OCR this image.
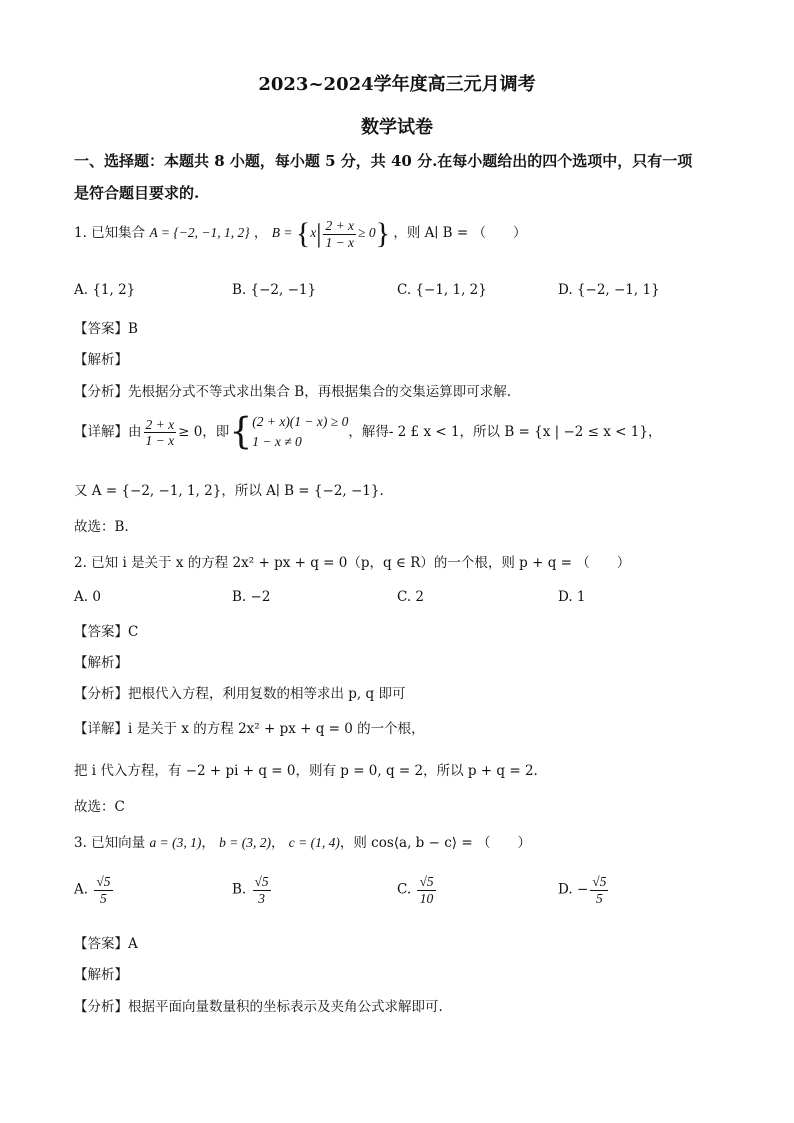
2023~2024学年度高三元月调考
数学试卷
一、选择题：本题共 8 小题，每小题 5 分，共 40 分.在每小题给出的四个选项中，只有一项
是符合题目要求的.
1. 已知集合 A = {−2, −1, 1, 2} ， $B = \{x| \frac{2 + x}{1 - x} \ge 0\}$ ，则 A∣ B = （　　）
A. {1, 2}	B. {−2, −1}	C. {−1, 1, 2}	D. {−2, −1, 1}
【答案】B
【解析】
【分析】先根据分式不等式求出集合 B，再根据集合的交集运算即可求解.
【详解】由 $\frac{2 + x}{1 - x} \ge 0$，即{ (2 + x)(1 − x) ≥ 0
1 − x ≠ 0
，解得- 2 £ x < 1，所以 B = {x | −2 ≤ x < 1}，
又 A = {−2, −1, 1, 2}，所以 A∣ B = {−2, −1}.
故选：B.
2. 已知 i 是关于 x 的方程 2x² + px + q = 0（p，q ∈ R）的一个根，则 p + q = （　　）
A. 0	B. −2	C. 2	D. 1
【答案】C
【解析】
【分析】把根代入方程，利用复数的相等求出 p, q 即可
【详解】i 是关于 x 的方程 2x² + px + q = 0 的一个根，
把 i 代入方程，有 −2 + pi + q = 0，则有 p = 0, q = 2，所以 p + q = 2.
故选：C
3. 已知向量 a = (3, 1)， b = (3, 2)， c = (1, 4)，则 cos⟨a, b − c⟩ = （　　）
A. $\frac{√5}{5}$	B. $\frac{√5}{3}$	C. $\frac{√5}{10}$	D. − $\frac{√5}{5}$
【答案】A
【解析】
【分析】根据平面向量数量积的坐标表示及夹角公式求解即可.
